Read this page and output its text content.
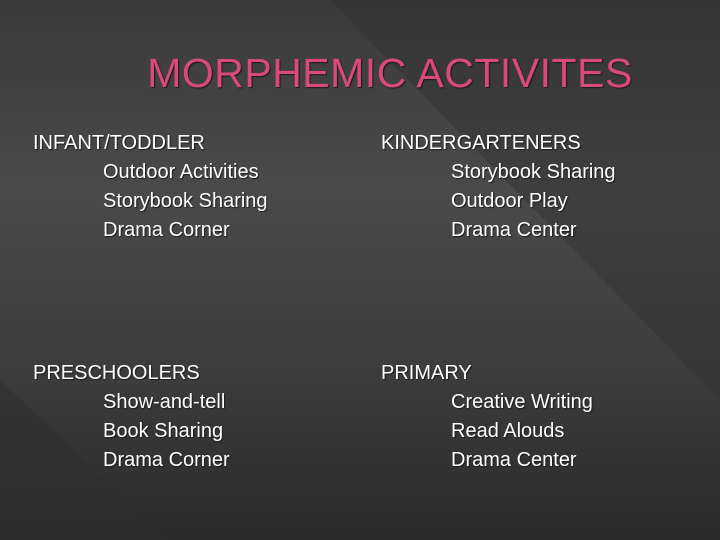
MORPHEMIC ACTIVITES
INFANT/TODDLER
Outdoor Activities
Storybook Sharing
Drama Corner
KINDERGARTENERS
Storybook Sharing
Outdoor Play
Drama Center
PRESCHOOLERS
Show-and-tell
Book Sharing
Drama Corner
PRIMARY
Creative Writing
Read Alouds
Drama Center
